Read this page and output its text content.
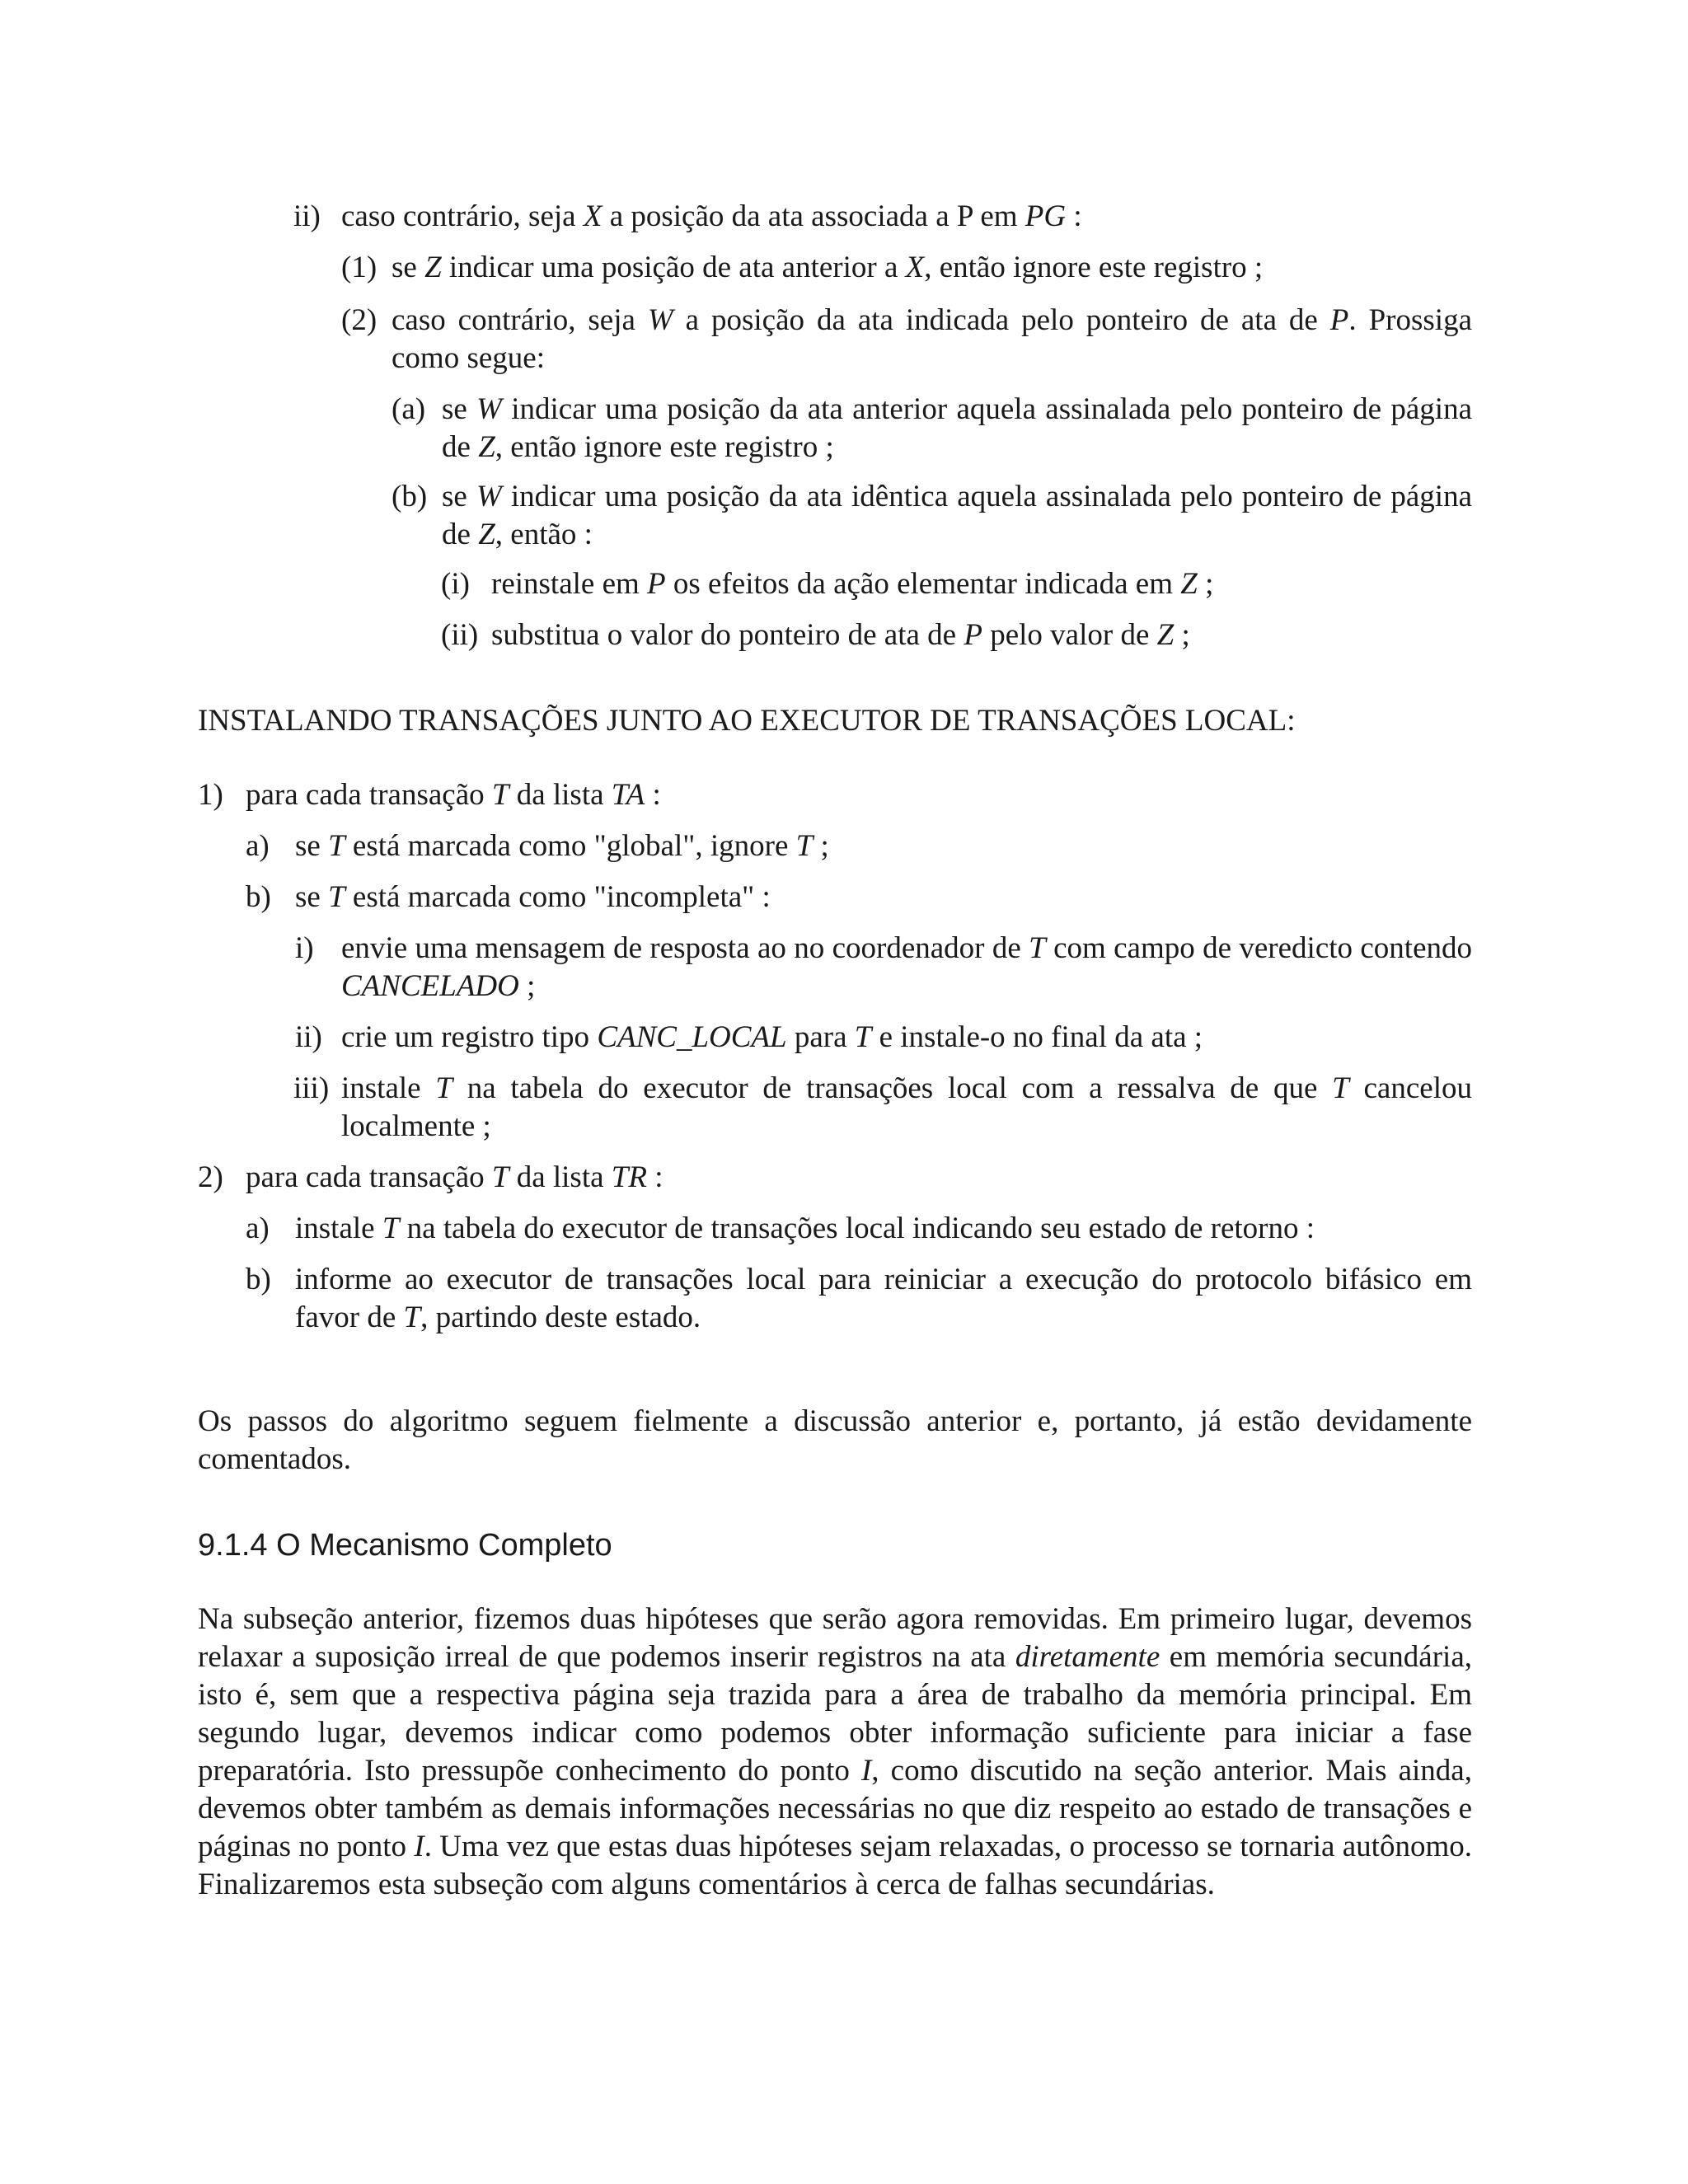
ii) caso contrário, seja X a posição da ata associada a P em PG :
(1) se Z indicar uma posição de ata anterior a X, então ignore este registro ;
(2) caso contrário, seja W a posição da ata indicada pelo ponteiro de ata de P. Prossiga como segue:
(a) se W indicar uma posição da ata anterior aquela assinalada pelo ponteiro de página de Z, então ignore este registro ;
(b) se W indicar uma posição da ata idêntica aquela assinalada pelo ponteiro de página de Z, então :
(i) reinstale em P os efeitos da ação elementar indicada em Z ;
(ii) substitua o valor do ponteiro de ata de P pelo valor de Z ;
INSTALANDO TRANSAÇÕES JUNTO AO EXECUTOR DE TRANSAÇÕES LOCAL:
1) para cada transação T da lista TA :
a) se T está marcada como "global", ignore T ;
b) se T está marcada como "incompleta" :
i) envie uma mensagem de resposta ao no coordenador de T com campo de veredicto contendo CANCELADO ;
ii) crie um registro tipo CANC_LOCAL para T e instale-o no final da ata ;
iii) instale T na tabela do executor de transações local com a ressalva de que T cancelou localmente ;
2) para cada transação T da lista TR :
a) instale T na tabela do executor de transações local indicando seu estado de retorno :
b) informe ao executor de transações local para reiniciar a execução do protocolo bifásico em favor de T, partindo deste estado.
Os passos do algoritmo seguem fielmente a discussão anterior e, portanto, já estão devidamente comentados.
9.1.4 O Mecanismo Completo
Na subseção anterior, fizemos duas hipóteses que serão agora removidas. Em primeiro lugar, devemos relaxar a suposição irreal de que podemos inserir registros na ata diretamente em memória secundária, isto é, sem que a respectiva página seja trazida para a área de trabalho da memória principal. Em segundo lugar, devemos indicar como podemos obter informação suficiente para iniciar a fase preparatória. Isto pressupõe conhecimento do ponto I, como discutido na seção anterior. Mais ainda, devemos obter também as demais informações necessárias no que diz respeito ao estado de transações e páginas no ponto I. Uma vez que estas duas hipóteses sejam relaxadas, o processo se tornaria autônomo. Finalizaremos esta subseção com alguns comentários à cerca de falhas secundárias.
